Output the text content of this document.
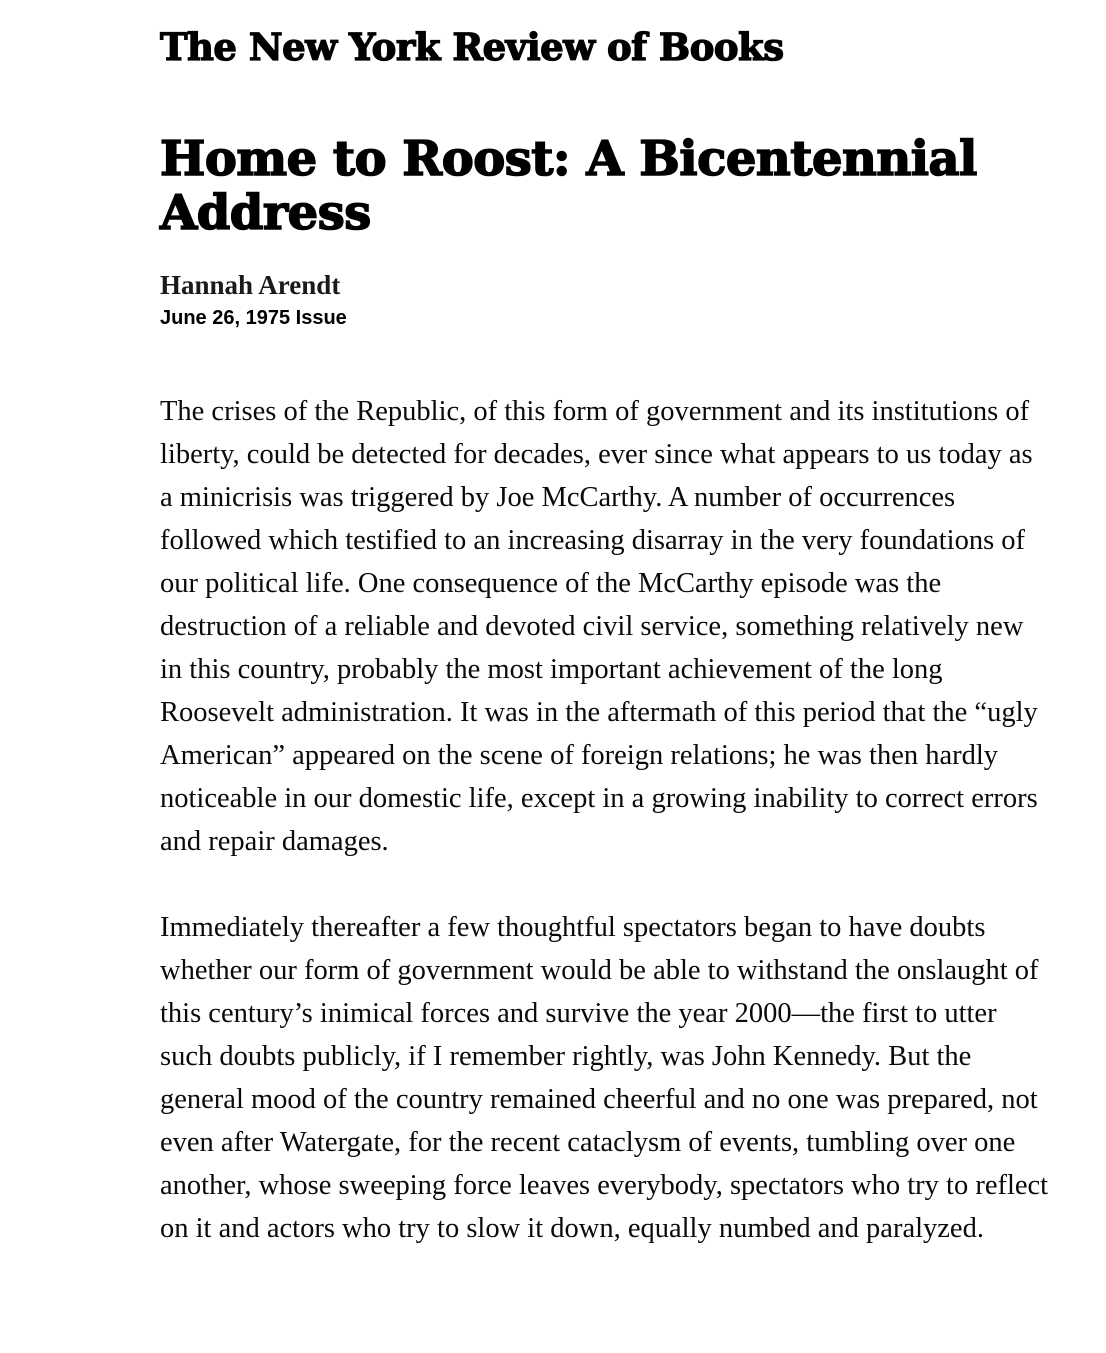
The New York Review of Books
Home to Roost: A Bicentennial Address
Hannah Arendt
June 26, 1975 Issue

The crises of the Republic, of this form of government and its institutions of liberty, could be detected for decades, ever since what appears to us today as a minicrisis was triggered by Joe McCarthy. A number of occurrences followed which testified to an increasing disarray in the very foundations of our political life. One consequence of the McCarthy episode was the destruction of a reliable and devoted civil service, something relatively new in this country, probably the most important achievement of the long Roosevelt administration. It was in the aftermath of this period that the “ugly American” appeared on the scene of foreign relations; he was then hardly noticeable in our domestic life, except in a growing inability to correct errors and repair damages.

Immediately thereafter a few thoughtful spectators began to have doubts whether our form of government would be able to withstand the onslaught of this century’s inimical forces and survive the year 2000—the first to utter such doubts publicly, if I remember rightly, was John Kennedy. But the general mood of the country remained cheerful and no one was prepared, not even after Watergate, for the recent cataclysm of events, tumbling over one another, whose sweeping force leaves everybody, spectators who try to reflect on it and actors who try to slow it down, equally numbed and paralyzed.
